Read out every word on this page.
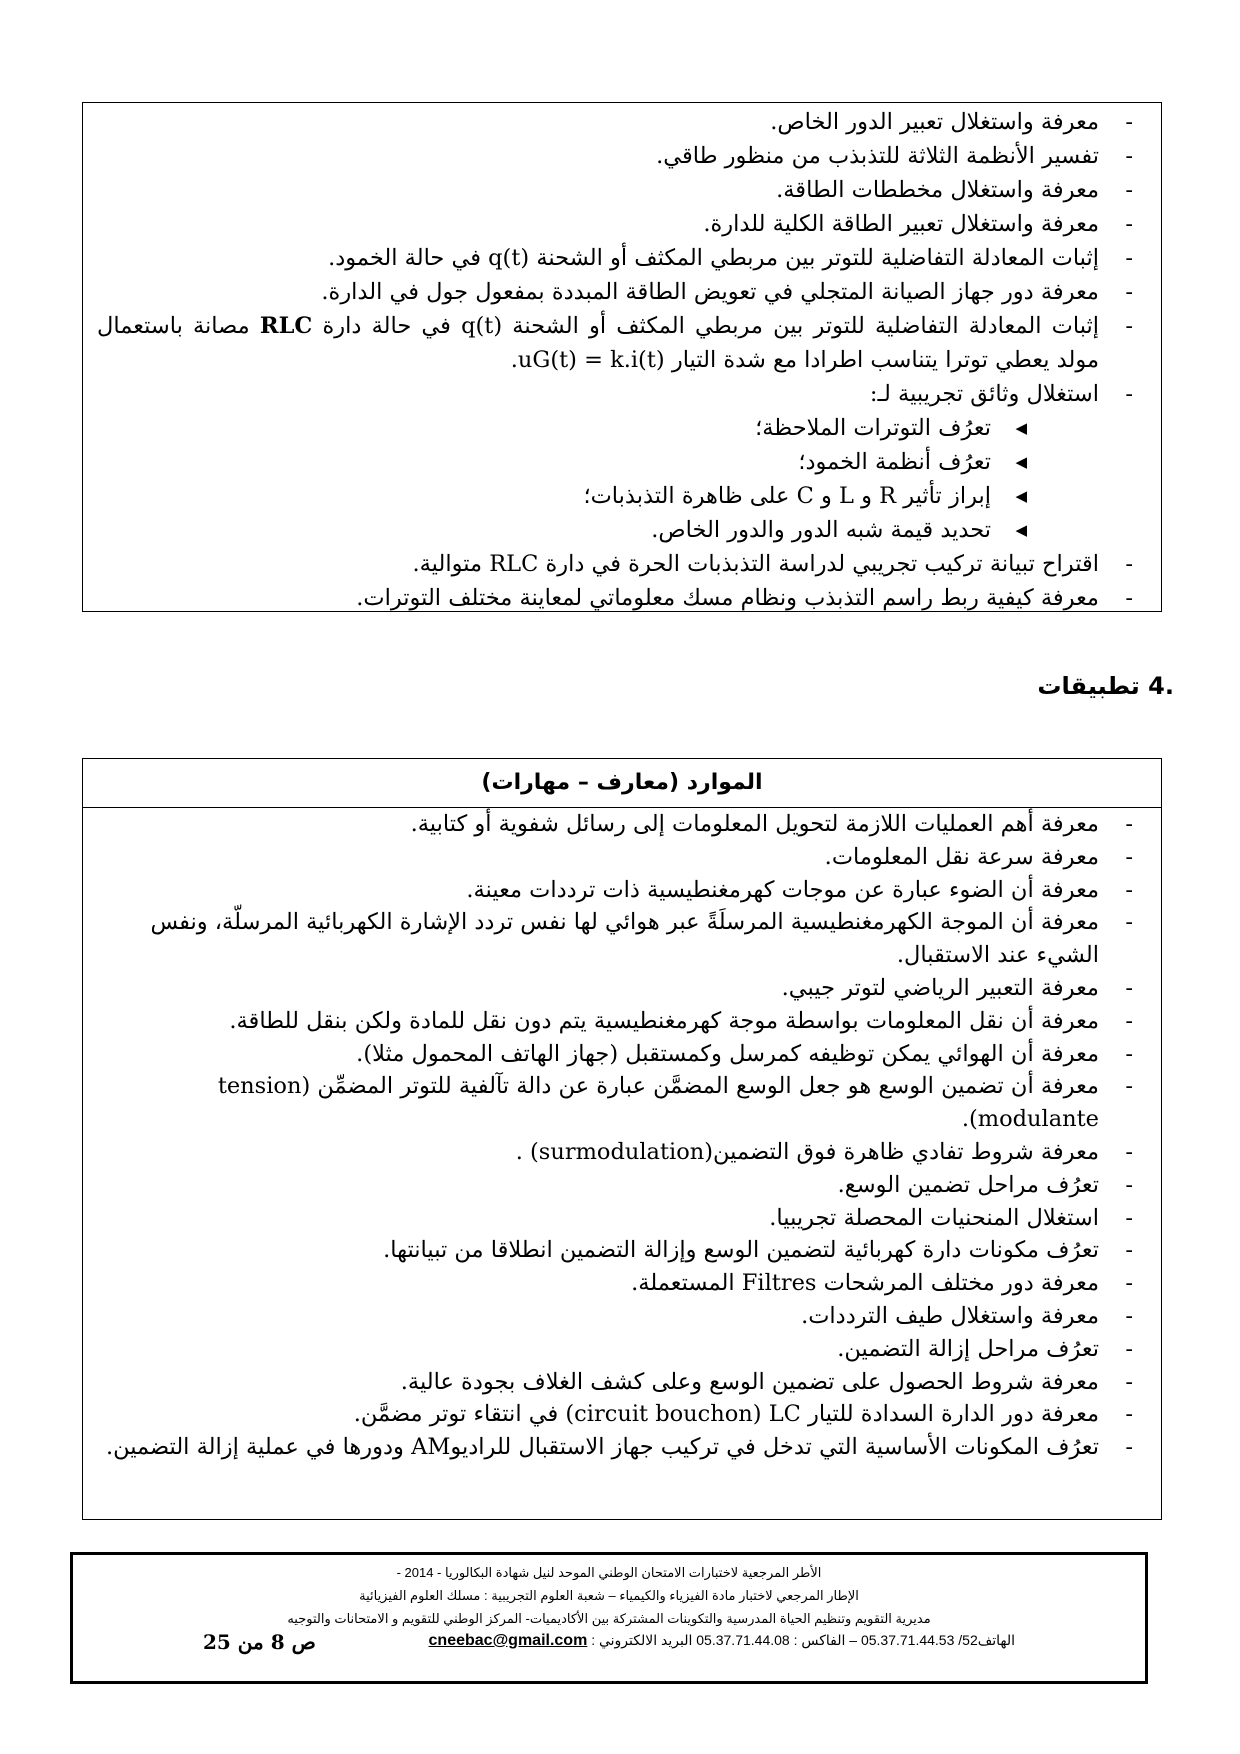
-
معرفة واستغلال تعبير الدور الخاص.
-
تفسير الأنظمة الثلاثة للتذبذب من منظور طاقي.
-
معرفة واستغلال مخططات الطاقة.
-
معرفة واستغلال تعبير الطاقة الكلية للدارة.
-
إثبات المعادلة التفاضلية للتوتر بين مربطي المكثف أو الشحنة q(t) في حالة الخمود.
-
معرفة دور جهاز الصيانة المتجلي في تعويض الطاقة المبددة بمفعول جول في الدارة.
-
إثبات المعادلة التفاضلية للتوتر بين مربطي المكثف أو الشحنة q(t) في حالة دارة RLC مصانة باستعمال مولد يعطي توترا يتناسب اطرادا مع شدة التيار uG(t) = k.i(t).
-
استغلال وثائق تجريبية لـ:
◀
تعرُف التوترات الملاحظة؛
◀
تعرُف أنظمة الخمود؛
◀
إبراز تأثير R و L و C على ظاهرة التذبذبات؛
◀
تحديد قيمة شبه الدور والدور الخاص.
-
اقتراح تبيانة تركيب تجريبي لدراسة التذبذبات الحرة في دارة RLC متوالية.
-
معرفة كيفية ربط راسم التذبذب ونظام مسك معلوماتي لمعاينة مختلف التوترات.
.4 تطبيقات
الموارد (معارف – مهارات)
-
معرفة أهم العمليات اللازمة لتحويل المعلومات إلى رسائل شفوية أو كتابية.
-
معرفة سرعة نقل المعلومات.
-
معرفة أن الضوء عبارة عن موجات كهرمغنطيسية ذات ترددات معينة.
-
معرفة أن الموجة الكهرمغنطيسية المرسلَةً عبر هوائي لها نفس تردد الإشارة الكهربائية المرسلّة، ونفس الشيء عند الاستقبال.
-
معرفة التعبير الرياضي لتوتر جيبي.
-
معرفة أن نقل المعلومات بواسطة موجة كهرمغنطيسية يتم دون نقل للمادة ولكن بنقل للطاقة.
-
معرفة أن الهوائي يمكن توظيفه كمرسل وكمستقبل (جهاز الهاتف المحمول مثلا).
-
معرفة أن تضمين الوسع هو جعل الوسع المضمَّن عبارة عن دالة تآلفية للتوتر المضمِّن (tension modulante).
-
معرفة شروط تفادي ظاهرة فوق التضمين(surmodulation) .
-
تعرُف مراحل تضمين الوسع.
-
استغلال المنحنيات المحصلة تجريبيا.
-
تعرُف مكونات دارة كهربائية لتضمين الوسع وإزالة التضمين انطلاقا من تبيانتها.
-
معرفة دور مختلف المرشحات Filtres المستعملة.
-
معرفة واستغلال طيف الترددات.
-
تعرُف مراحل إزالة التضمين.
-
معرفة شروط الحصول على تضمين الوسع وعلى كشف الغلاف بجودة عالية.
-
معرفة دور الدارة السدادة للتيار circuit bouchon) LC) في انتقاء توتر مضمَّن.
-
تعرُف المكونات الأساسية التي تدخل في تركيب جهاز الاستقبال للراديوAM ودورها في عملية إزالة التضمين.
الأطر المرجعية لاختبارات الامتحان الوطني الموحد لنيل شهادة البكالوريا - 2014 -
الإطار المرجعي لاختبار مادة الفيزياء والكيمياء – شعبة العلوم التجريبية : مسلك العلوم الفيزيائية
مديرية التقويم وتنظيم الحياة المدرسية والتكوينات المشتركة بين الأكاديميات- المركز الوطني للتقويم و الامتحانات والتوجيه
الهاتف52/ 05.37.71.44.53 – الفاكس : 05.37.71.44.08 البريد الالكتروني : cneebac@gmail.com
ص 8 من 25
